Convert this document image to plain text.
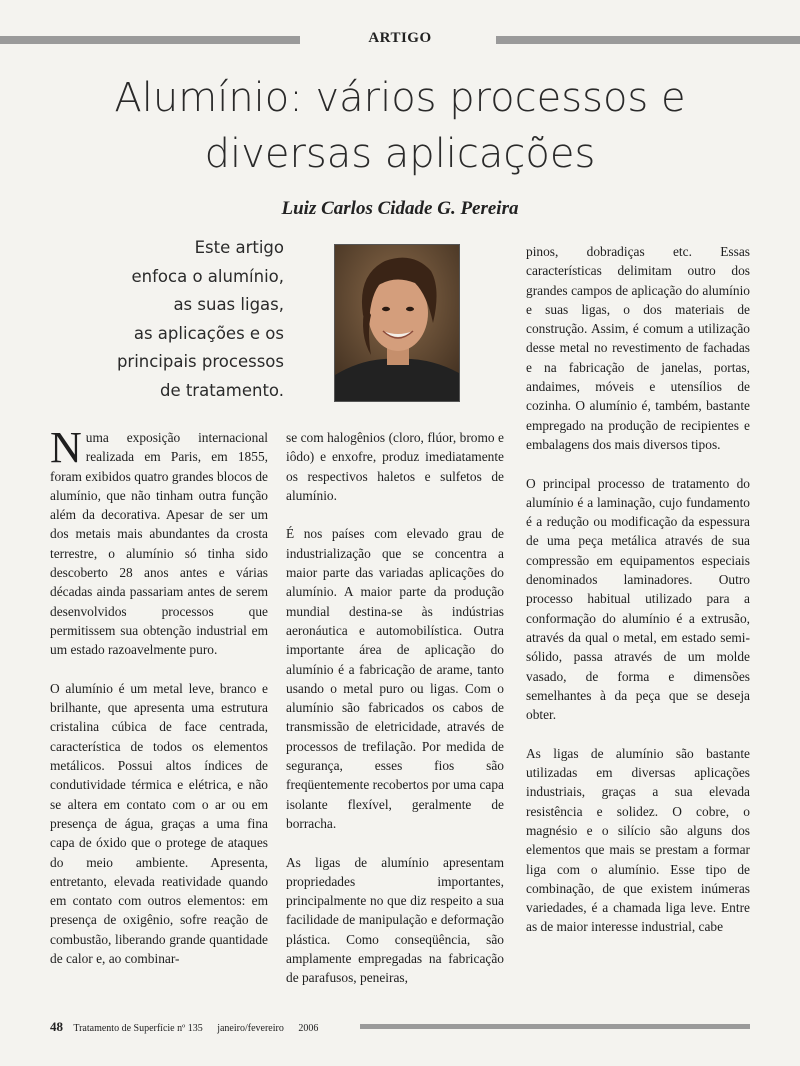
ARTIGO
Alumínio: vários processos e diversas aplicações
Luiz Carlos Cidade G. Pereira
Este artigo
enfoca o alumínio,
as suas ligas,
as aplicações e os
principais processos
de tratamento.

Numa exposição internacional realizada em Paris, em 1855, foram exibidos quatro grandes blocos de alumínio, que não tinham outra função além da decorativa. Apesar de ser um dos metais mais abundantes da crosta terrestre, o alumínio só tinha sido descoberto 28 anos antes e várias décadas ainda passariam antes de serem desenvolvidos processos que permitissem sua obtenção industrial em um estado razoavelmente puro.

O alumínio é um metal leve, branco e brilhante, que apresenta uma estrutura cristalina cúbica de face centrada, característica de todos os elementos metálicos. Possui altos índices de condutividade térmica e elétrica, e não se altera em contato com o ar ou em presença de água, graças a uma fina capa de óxido que o protege de ataques do meio ambiente. Apresenta, entretanto, elevada reatividade quando em contato com outros elementos: em presença de oxigênio, sofre reação de combustão, liberando grande quantidade de calor e, ao combinar-

se com halogênios (cloro, flúor, bromo e iôdo) e enxofre, produz imediatamente os respectivos haletos e sulfetos de alumínio.

É nos países com elevado grau de industrialização que se concentra a maior parte das variadas aplicações do alumínio. A maior parte da produção mundial destina-se às indústrias aeronáutica e automobilística. Outra importante área de aplicação do alumínio é a fabricação de arame, tanto usando o metal puro ou ligas. Com o alumínio são fabricados os cabos de transmissão de eletricidade, através de processos de trefilação. Por medida de segurança, esses fios são freqüentemente recobertos por uma capa isolante flexível, geralmente de borracha.

As ligas de alumínio apresentam propriedades importantes, principalmente no que diz respeito a sua facilidade de manipulação e deformação plástica. Como conseqüência, são amplamente empregadas na fabricação de parafusos, peneiras,

pinos, dobradiças etc. Essas características delimitam outro dos grandes campos de aplicação do alumínio e suas ligas, o dos materiais de construção. Assim, é comum a utilização desse metal no revestimento de fachadas e na fabricação de janelas, portas, andaimes, móveis e utensílios de cozinha. O alumínio é, também, bastante empregado na produção de recipientes e embalagens dos mais diversos tipos.

O principal processo de tratamento do alumínio é a laminação, cujo fundamento é a redução ou modificação da espessura de uma peça metálica através de sua compressão em equipamentos especiais denominados laminadores. Outro processo habitual utilizado para a conformação do alumínio é a extrusão, através da qual o metal, em estado semi-sólido, passa através de um molde vasado, de forma e dimensões semelhantes à da peça que se deseja obter.

As ligas de alumínio são bastante utilizadas em diversas aplicações industriais, graças a sua elevada resistência e solidez. O cobre, o magnésio e o silício são alguns dos elementos que mais se prestam a formar liga com o alumínio. Esse tipo de combinação, de que existem inúmeras variedades, é a chamada liga leve. Entre as de maior interesse industrial, cabe

48 Tratamento de Superfície nº 135 janeiro/fevereiro 2006
